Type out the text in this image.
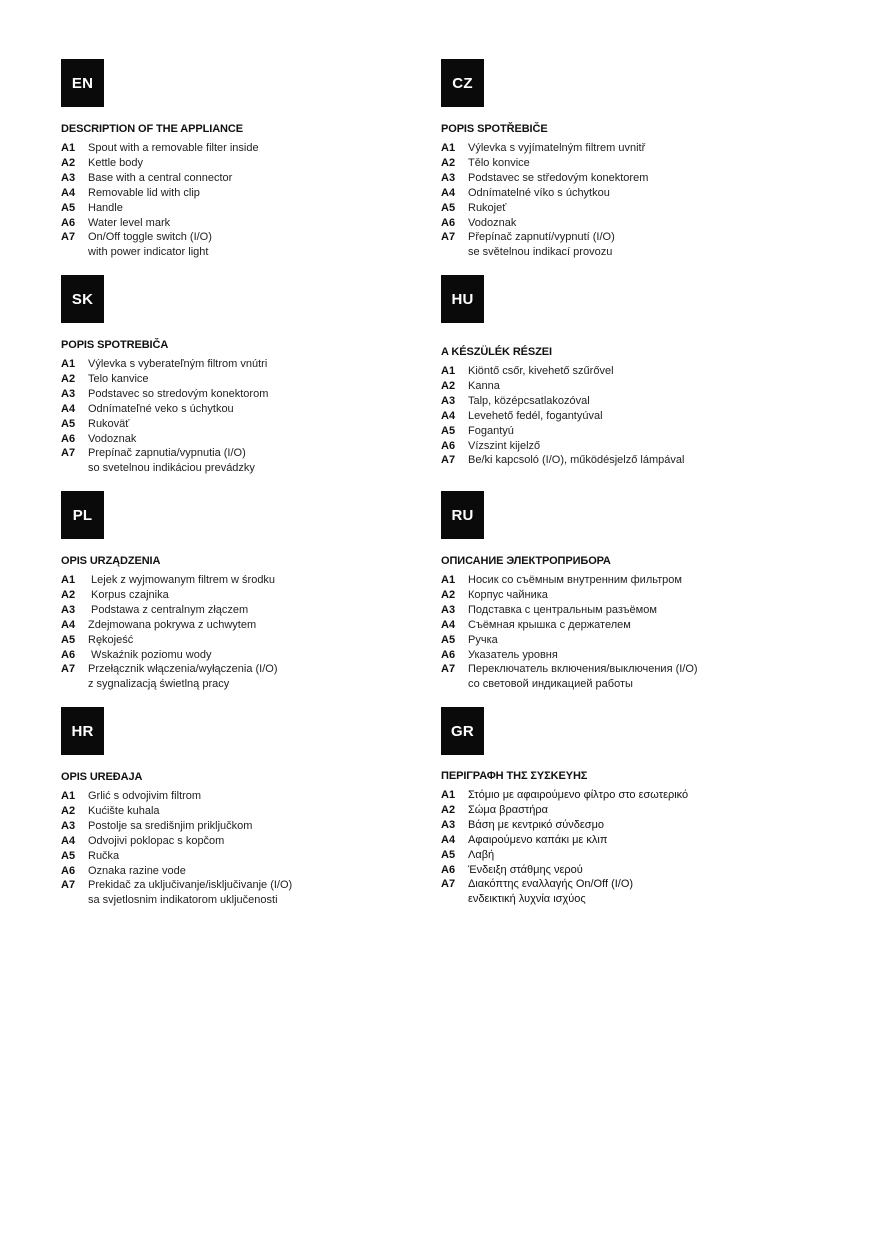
EN
DESCRIPTION OF THE APPLIANCE
A1	Spout with a removable filter inside
A2	Kettle body
A3	Base with a central connector
A4	Removable lid with clip
A5	Handle
A6	Water level mark
A7	On/Off toggle switch (I/O)
with power indicator light
CZ
POPIS SPOTŘEBIČE
A1	Výlevka s vyjímatelným filtrem uvnitř
A2	Tělo konvice
A3	Podstavec se středovým konektorem
A4	Odnímatelné víko s úchytkou
A5	Rukojeť
A6	Vodoznak
A7	Přepínač zapnutí/vypnutí (I/O)
se světelnou indikací provozu
SK
POPIS SPOTREBIČA
A1	Výlevka s vyberateľným filtrom vnútri
A2	Telo kanvice
A3	Podstavec so stredovým konektorom
A4	Odnímateľné veko s úchytkou
A5	Rukoväť
A6	Vodoznak
A7	Prepínač zapnutia/vypnutia (I/O)
so svetelnou indikáciou prevádzky
HU
A KÉSZÜLÉK RÉSZEI
A1	Kiöntő csőr, kivehető szűrővel
A2	Kanna
A3	Talp, középcsatlakozóval
A4	Levehető fedél, fogantyúval
A5	Fogantyú
A6	Vízszint kijelző
A7	Be/ki kapcsoló (I/O), működésjelző lámpával
PL
OPIS URZĄDZENIA
A1	Lejek z wyjmowanym filtrem w środku
A2	Korpus czajnika
A3	Podstawa z centralnym złączem
A4	Zdejmowana pokrywa z uchwytem
A5	Rękojeść
A6	Wskaźnik poziomu wody
A7	Przełącznik włączenia/wyłączenia (I/O)
z sygnalizacją świetlną pracy
RU
ОПИСАНИЕ ЭЛЕКТРОПРИБОРА
A1	Носик со съёмным внутренним фильтром
A2	Корпус чайника
A3	Подставка с центральным разъёмом
A4	Съёмная крышка с держателем
A5	Ручка
A6	Указатель уровня
A7	Переключатель включения/выключения (I/O)
со световой индикацией работы
HR
OPIS UREĐAJA
A1	Grlić s odvojivim filtrom
A2	Kućište kuhala
A3	Postolje sa središnjim priključkom
A4	Odvojivi poklopac s kopčom
A5	Ručka
A6	Oznaka razine vode
A7	Prekidač za uključivanje/isključivanje (I/O)
sa svjetlosnim indikatorom uključenosti
GR
ΠΕΡΙΓΡΑΦΗ ΤΗΣ ΣΥΣΚΕΥΗΣ
A1	Στόμιο με αφαιρούμενο φίλτρο στο εσωτερικό
A2	Σώμα βραστήρα
A3	Βάση με κεντρικό σύνδεσμο
A4	Αφαιρούμενο καπάκι με κλιπ
A5	Λαβή
A6	Ένδειξη στάθμης νερού
A7	Διακόπτης εναλλαγής On/Off (I/O)
ενδεικτική λυχνία ισχύος
